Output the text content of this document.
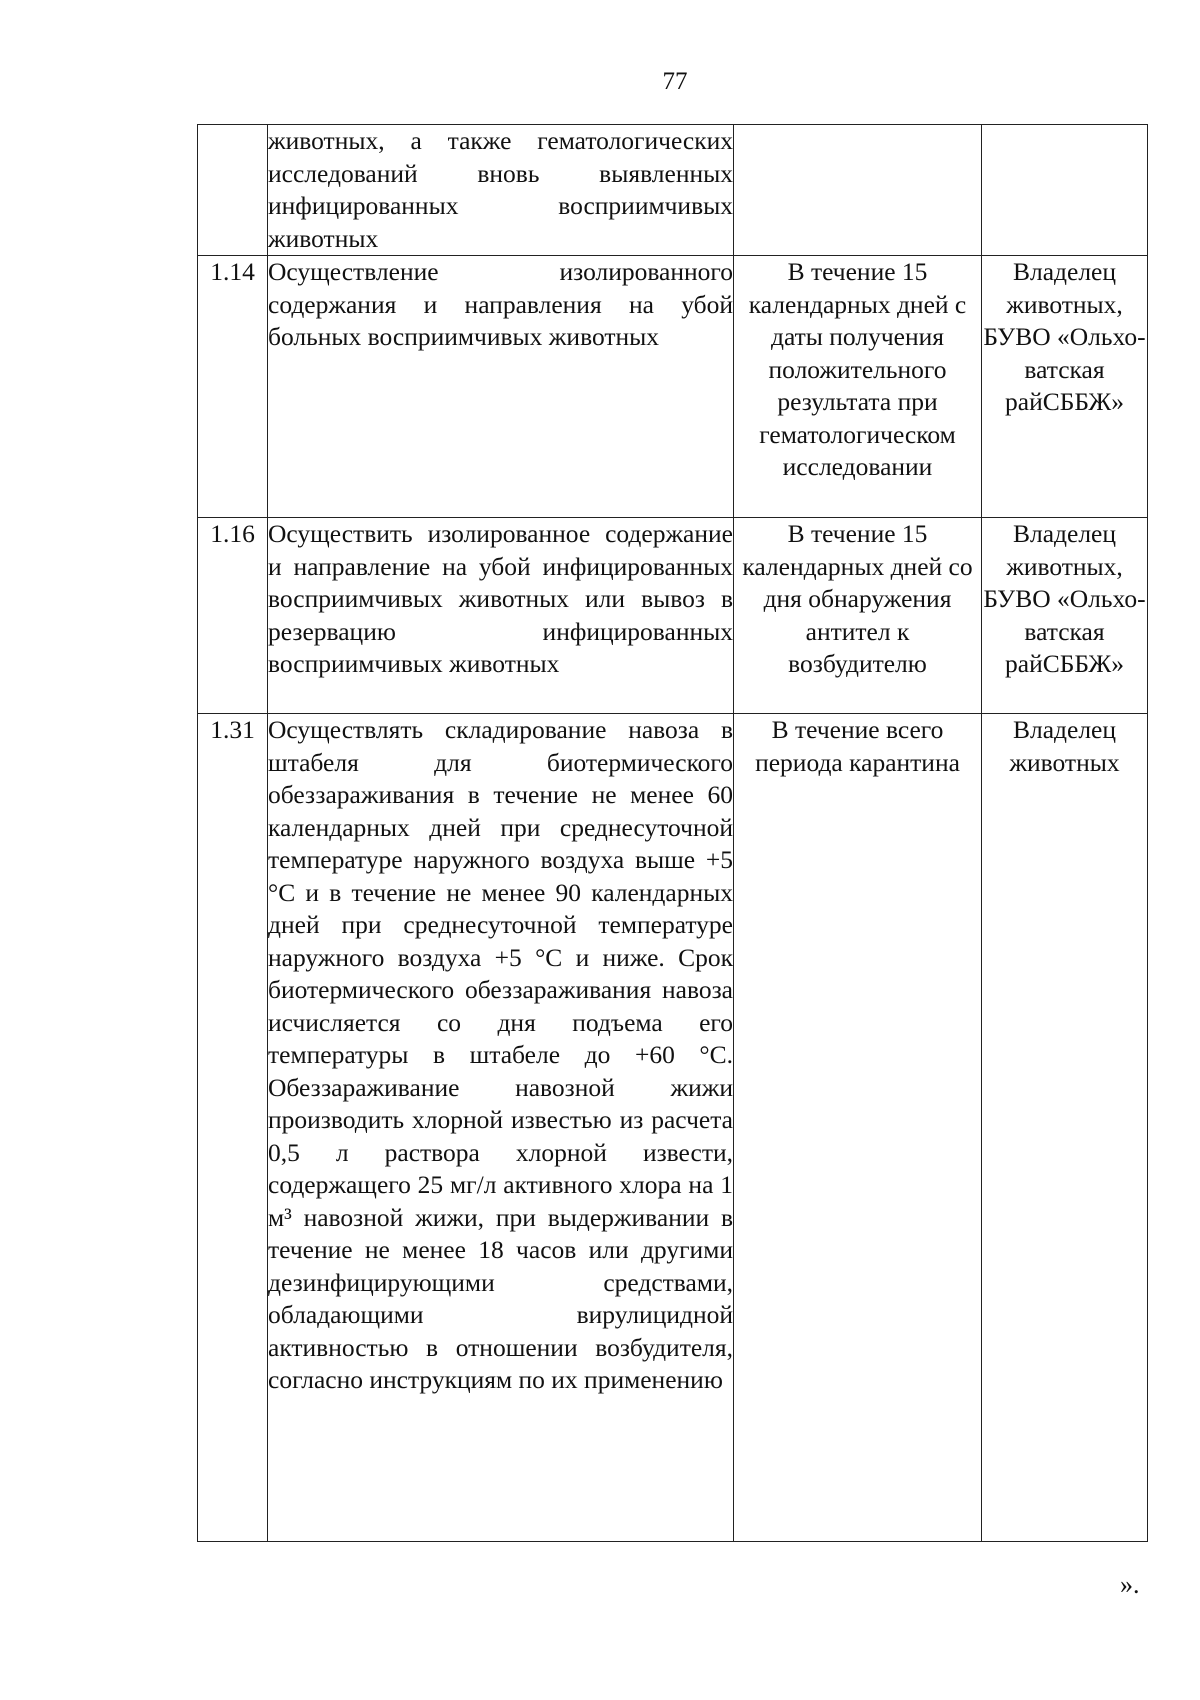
77

	животных, а также гематологических исследований вновь выявленных инфицированных восприимчивых животных		

1.14	Осуществление изолированного содержания и направления на убой больных восприимчивых животных	В течение 15 календарных дней с даты получения положительного результата при гематологическом исследовании	Владелец животных, БУВО «Ольхо-ватская райСББЖ»
1.16	Осуществить изолированное содержание и направление на убой инфицированных восприимчивых животных или вывоз в резервацию инфицированных восприимчивых животных	В течение 15 календарных дней со дня обнаружения антител к возбудителю	Владелец животных, БУВО «Ольхо-ватская райСББЖ»
1.31	Осуществлять складирование навоза в штабеля для биотермического обеззараживания в течение не менее 60 календарных дней при среднесуточной температуре наружного воздуха выше +5 °С и в течение не менее 90 календарных дней при среднесуточной температуре наружного воздуха +5 °С и ниже. Срок биотермического обеззараживания навоза исчисляется со дня подъема его температуры в штабеле до +60 °С. Обеззараживание навозной жижи производить хлорной известью из расчета 0,5 л раствора хлорной извести, содержащего 25 мг/л активного хлора на 1 м³ навозной жижи, при выдерживании в течение не менее 18 часов или другими дезинфицирующими средствами, обладающими вирулицидной активностью в отношении возбудителя, согласно инструкциям по их применению	В течение всего периода карантина	Владелец животных
».
